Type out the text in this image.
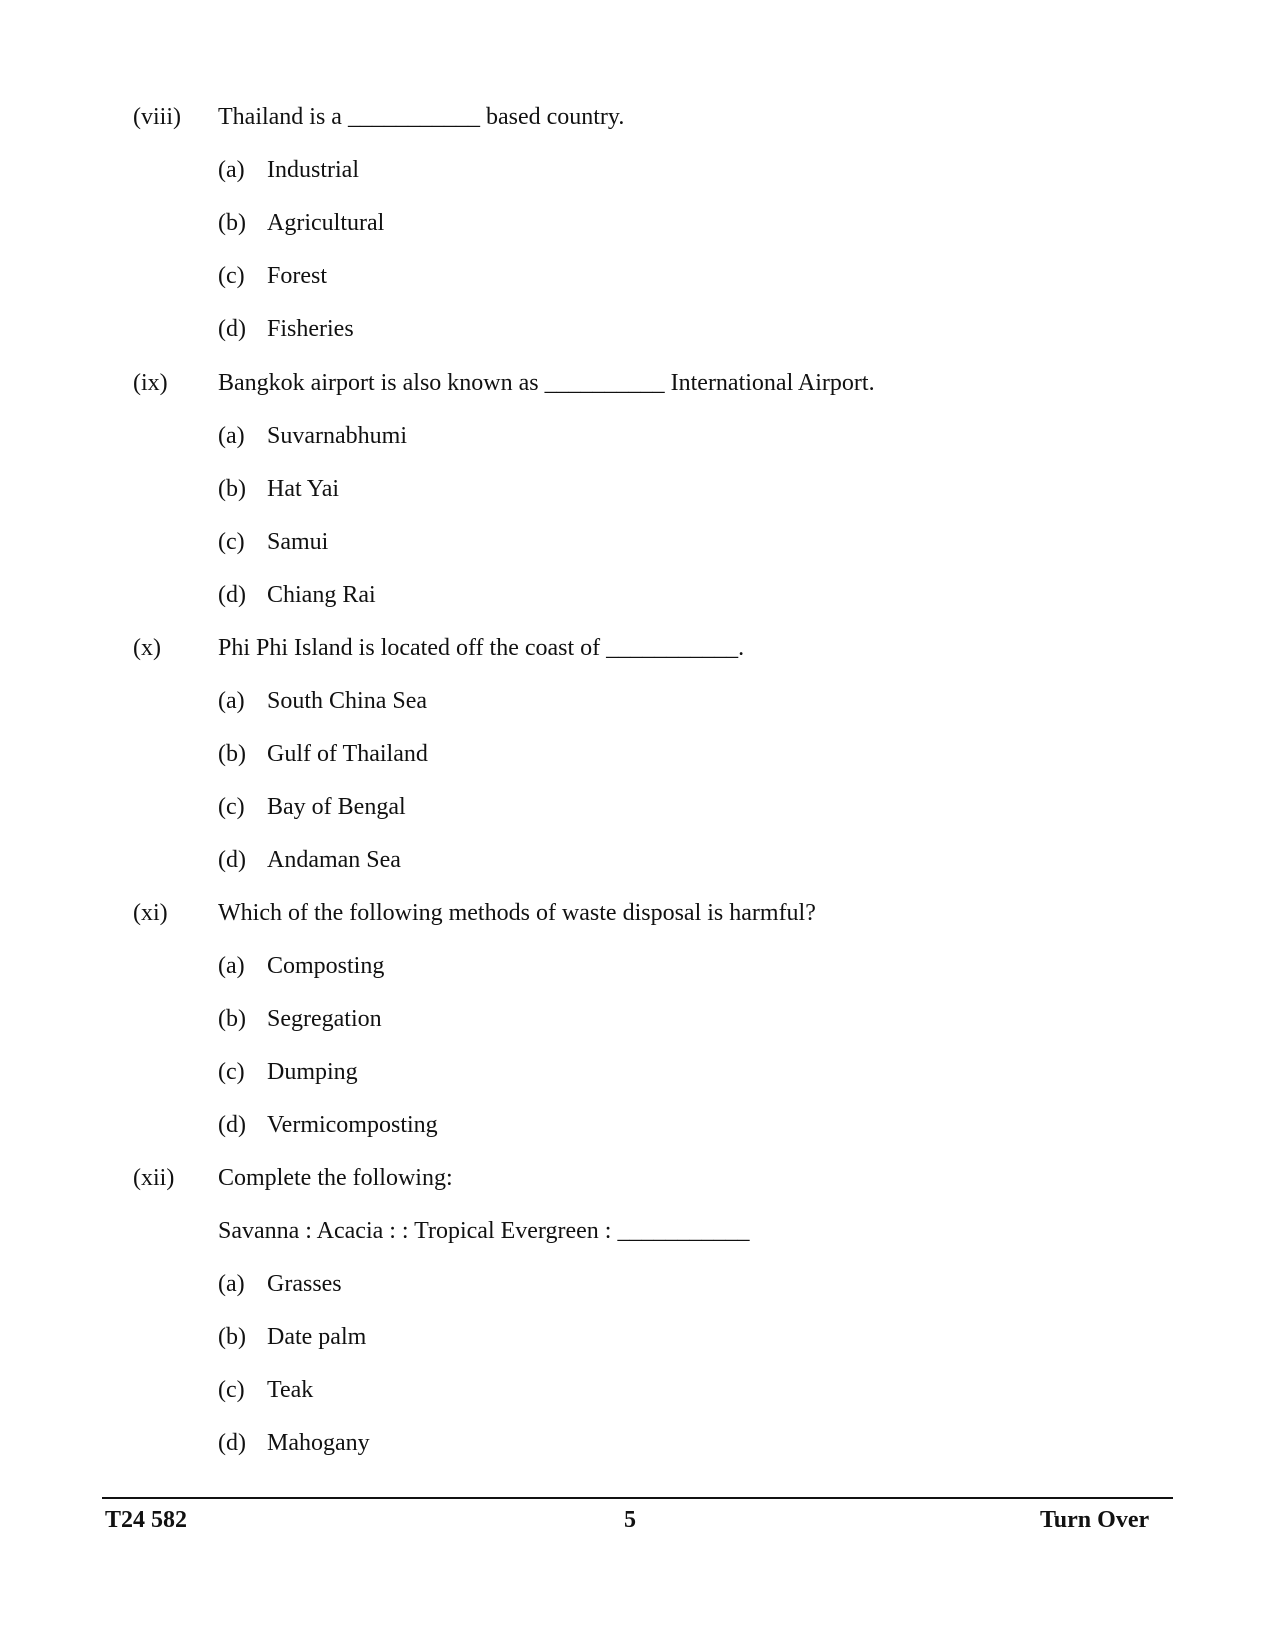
(viii) Thailand is a ___________ based country.
(a) Industrial
(b) Agricultural
(c) Forest
(d) Fisheries
(ix) Bangkok airport is also known as __________ International Airport.
(a) Suvarnabhumi
(b) Hat Yai
(c) Samui
(d) Chiang Rai
(x) Phi Phi Island is located off the coast of ___________.
(a) South China Sea
(b) Gulf of Thailand
(c) Bay of Bengal
(d) Andaman Sea
(xi) Which of the following methods of waste disposal is harmful?
(a) Composting
(b) Segregation
(c) Dumping
(d) Vermicomposting
(xii) Complete the following:
Savanna : Acacia : : Tropical Evergreen : ___________
(a) Grasses
(b) Date palm
(c) Teak
(d) Mahogany
T24 582	5	Turn Over
